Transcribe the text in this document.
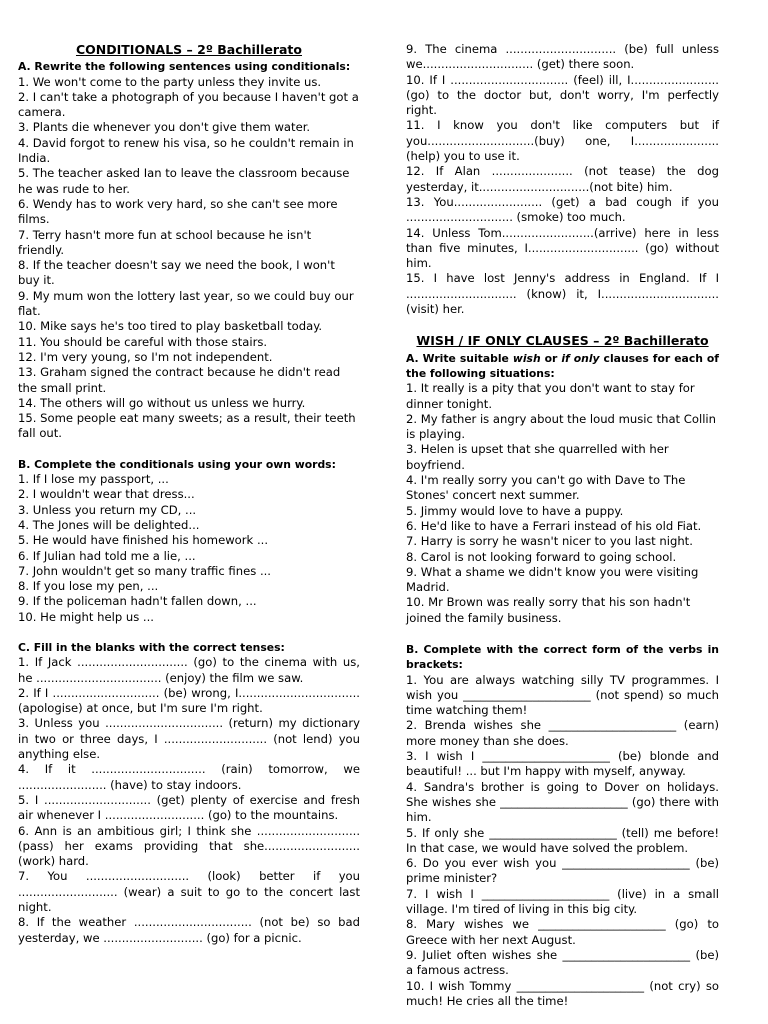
CONDITIONALS – 2º Bachillerato

A. Rewrite the following sentences using conditionals:

1. We won't come to the party unless they invite us.

2. I can't take a photograph of you because I haven't got a camera.

3. Plants die whenever you don't give them water.

4. David forgot to renew his visa, so he couldn't remain in India.

5. The teacher asked Ian to leave the classroom because he was rude to her.

6. Wendy has to work very hard, so she can't see more films.

7. Terry hasn't more fun at school because he isn't friendly.

8. If the teacher doesn't say we need the book, I won't buy it.

9. My mum won the lottery last year, so we could buy our flat.

10. Mike says he's too tired to play basketball today.

11. You should be careful with those stairs.

12. I'm very young, so I'm not independent.

13. Graham signed the contract because he didn't read the small print.

14. The others will go without us unless we hurry.

15. Some people eat many sweets; as a result, their teeth fall out.

B. Complete the conditionals using your own words:

1. If I lose my passport, ...

2. I wouldn't wear that dress...

3. Unless you return my CD, ...

4. The Jones will be delighted...

5. He would have finished his homework ...

6. If Julian had told me a lie, ...

7. John wouldn't get so many traffic fines ...

8. If you lose my pen, ...

9. If the policeman hadn't fallen down, ...

10. He might help us ...

C. Fill in the blanks with the correct tenses:

1. If Jack .............................. (go) to the cinema with us, he .................................. (enjoy) the film we saw.

2. If I ............................. (be) wrong, I................................. (apologise) at once, but I'm sure I'm right.

3. Unless you ................................ (return) my dictionary in two or three days, I ............................ (not lend) you anything else.

4. If it ............................... (rain) tomorrow, we ........................ (have) to stay indoors.

5. I ............................. (get) plenty of exercise and fresh air whenever I ........................... (go) to the mountains.

6. Ann is an ambitious girl; I think she ............................ (pass) her exams providing that she.......................... (work) hard.

7. You ............................ (look) better if you ........................... (wear) a suit to go to the concert last night.

8. If the weather ................................ (not be) so bad yesterday, we ........................... (go) for a picnic.

9. The cinema .............................. (be) full unless we.............................. (get) there soon.

10. If I ................................ (feel) ill, I........................ (go) to the doctor but, don't worry, I'm perfectly right.

11. I know you don't like computers but if you.............................(buy) one, I....................... (help) you to use it.

12. If Alan ...................... (not tease) the dog yesterday, it..............................(not bite) him.

13. You........................ (get) a bad cough if you ............................. (smoke) too much.

14. Unless Tom.........................(arrive) here in less than five minutes, I.............................. (go) without him.

15. I have lost Jenny's address in England. If I .............................. (know) it, I................................ (visit) her.

WISH / IF ONLY CLAUSES – 2º Bachillerato

A. Write suitable wish or if only clauses for each of the following situations:

1. It really is a pity that you don't want to stay for dinner tonight.

2. My father is angry about the loud music that Collin is playing.

3. Helen is upset that she quarrelled with her boyfriend.

4. I'm really sorry you can't go with Dave to The Stones' concert next summer.

5. Jimmy would love to have a puppy.

6. He'd like to have a Ferrari instead of his old Fiat.

7. Harry is sorry he wasn't nicer to you last night.

8. Carol is not looking forward to going school.

9. What a shame we didn't know you were visiting Madrid.

10. Mr Brown was really sorry that his son hadn't joined the family business.

B. Complete with the correct form of the verbs in brackets:

1. You are always watching silly TV programmes. I wish you ______________________ (not spend) so much time watching them!

2. Brenda wishes she ______________________ (earn) more money than she does.

3. I wish I ______________________ (be) blonde and beautiful! ... but I'm happy with myself, anyway.

4. Sandra's brother is going to Dover on holidays. She wishes she ______________________ (go) there with him.

5. If only she ______________________ (tell) me before! In that case, we would have solved the problem.

6. Do you ever wish you ______________________ (be) prime minister?

7. I wish I ______________________ (live) in a small village. I'm tired of living in this big city.

8. Mary wishes we ______________________ (go) to Greece with her next August.

9. Juliet often wishes she ______________________ (be) a famous actress.

10. I wish Tommy ______________________ (not cry) so much! He cries all the time!
